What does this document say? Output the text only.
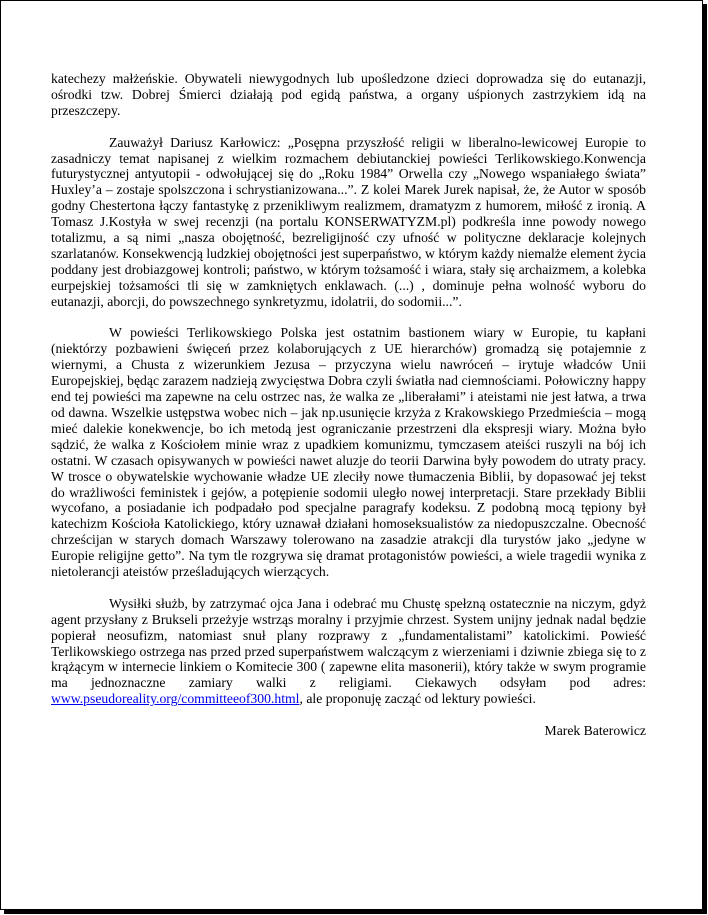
katechezy małżeńskie. Obywateli niewygodnych lub upośledzone dzieci doprowadza się do eutanazji, ośrodki tzw. Dobrej Śmierci działają pod egidą państwa, a organy uśpionych zastrzykiem idą na przeszczepy.

Zauważył Dariusz Karłowicz: „Posępna przyszłość religii w liberalno-lewicowej Europie to zasadniczy temat napisanej z wielkim rozmachem debiutanckiej powieści Terlikowskiego.Konwencja futurystycznej antyutopii - odwołującej się do „Roku 1984” Orwella czy „Nowego wspaniałego świata” Huxley’a – zostaje spolszczona i schrystianizowana...”. Z kolei Marek Jurek napisał, że, że Autor w sposób godny Chestertona łączy fantastykę z przenikliwym realizmem, dramatyzm z humorem, miłość z ironią. A Tomasz J.Kostyła w swej recenzji (na portalu KONSERWATYZM.pl) podkreśla inne powody nowego totalizmu, a są nimi „nasza obojętność, bezreligijność czy ufność w polityczne deklaracje kolejnych szarlatanów. Konsekwencją ludzkiej obojętności jest superpaństwo, w którym każdy niemalże element życia poddany jest drobiazgowej kontroli; państwo, w którym tożsamość i wiara, stały się archaizmem, a kolebka eurpejskiej tożsamości tli się w zamkniętych enklawach. (...) , dominuje pełna wolność wyboru do eutanazji, aborcji, do powszechnego synkretyzmu, idolatrii, do sodomii...”.

W powieści Terlikowskiego Polska jest ostatnim bastionem wiary w Europie, tu kapłani (niektórzy pozbawieni święceń przez kolaborujących z UE hierarchów) gromadzą się potajemnie z wiernymi, a Chusta z wizerunkiem Jezusa – przyczyna wielu nawróceń – irytuje władców Unii Europejskiej, będąc zarazem nadzieją zwycięstwa Dobra czyli światła nad ciemnościami. Połowiczny happy end tej powieści ma zapewne na celu ostrzec nas, że walka ze „liberałami” i ateistami nie jest łatwa, a trwa od dawna. Wszelkie ustępstwa wobec nich – jak np.usunięcie krzyża z Krakowskiego Przedmieścia – mogą mieć dalekie konekwencje, bo ich metodą jest ograniczanie przestrzeni dla ekspresji wiary. Można było sądzić, że walka z Kościołem minie wraz z upadkiem komunizmu, tymczasem ateiści ruszyli na bój ich ostatni. W czasach opisywanych w powieści nawet aluzje do teorii Darwina były powodem do utraty pracy. W trosce o obywatelskie wychowanie władze UE zleciły nowe tłumaczenia Biblii, by dopasować jej tekst do wrażliwości feministek i gejów, a potępienie sodomii uległo nowej interpretacji. Stare przekłady Biblii wycofano, a posiadanie ich podpadało pod specjalne paragrafy kodeksu. Z podobną mocą tępiony był katechizm Kościoła Katolickiego, który uznawał działani homoseksualistów za niedopuszczalne. Obecność chrześcijan w starych domach Warszawy tolerowano na zasadzie atrakcji dla turystów jako „jedyne w Europie religijne getto”. Na tym tle rozgrywa się dramat protagonistów powieści, a wiele tragedii wynika z nietolerancji ateistów prześladujących wierzących.

Wysiłki służb, by zatrzymać ojca Jana i odebrać mu Chustę spełzną ostatecznie na niczym, gdyż agent przysłany z Brukseli przeżyje wstrząs moralny i przyjmie chrzest. System unijny jednak nadal będzie popierał neosufizm, natomiast snuł plany rozprawy z „fundamentalistami” katolickimi. Powieść Terlikowskiego ostrzega nas przed przed superpaństwem walczącym z wierzeniami i dziwnie zbiega się to z krążącym w internecie linkiem o Komitecie 300 ( zapewne elita masonerii), który także w swym programie ma jednoznaczne zamiary walki z religiami. Ciekawych odsyłam pod adres: www.pseudoreality.org/committeeof300.html, ale proponuję zacząć od lektury powieści.

Marek Baterowicz
